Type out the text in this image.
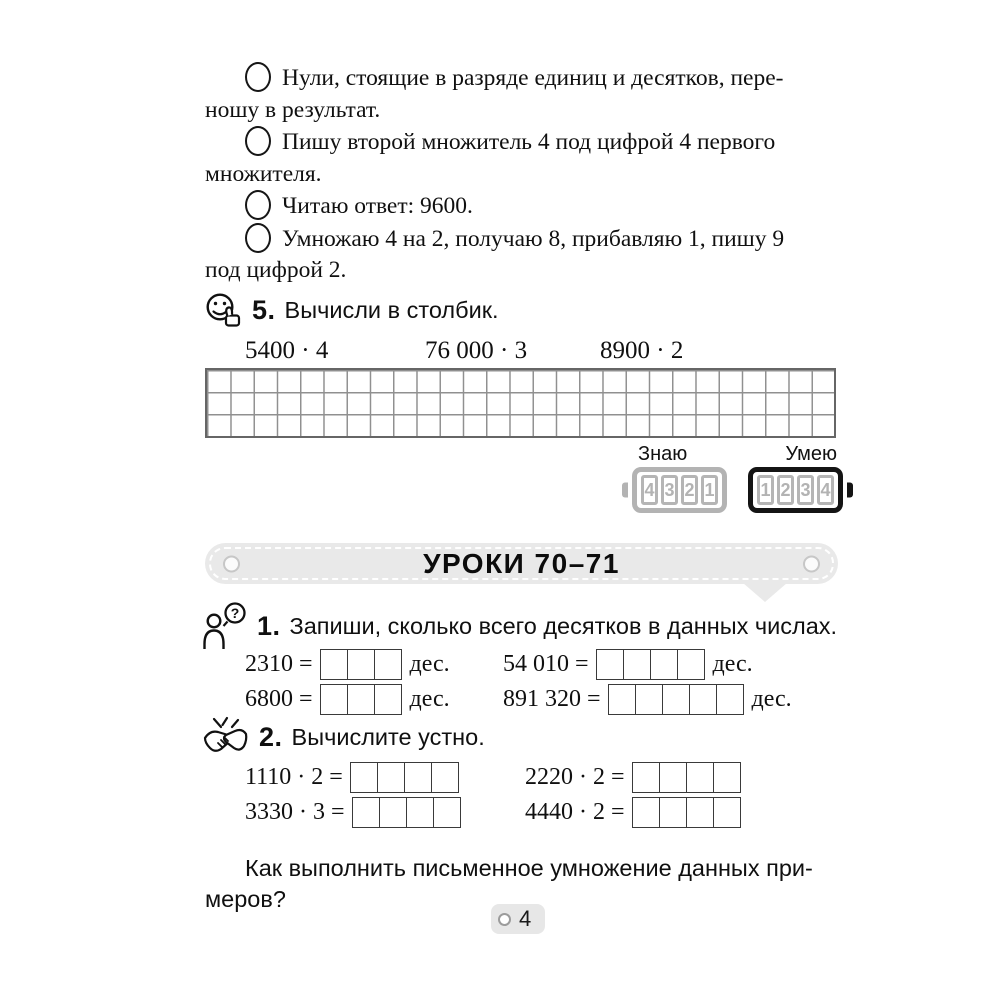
Нули, стоящие в разряде единиц и десятков, пере-
ношу в результат.

Пишу второй множитель 4 под цифрой 4 первого
множителя.

Читаю ответ: 9600.

Умножаю 4 на 2, получаю 8, прибавляю 1, пишу 9
под цифрой 2.

5. Вычисли в столбик.
5400 · 4	76 000 · 3	8900 · 2
Знаю
4 3 2 1
Умею
1 2 3 4
УРОКИ 70–71
? 1. Запиши, сколько всего десятков в данных числах.
2310 =	дес. 54 010 =	дес.
6800 =	дес. 891 320 =	дес.
2. Вычислите устно.
1110 · 2 =	2220 · 2 =
3330 · 3 =	4440 · 2 =

Как выполнить письменное умножение данных при-
меров?

4
